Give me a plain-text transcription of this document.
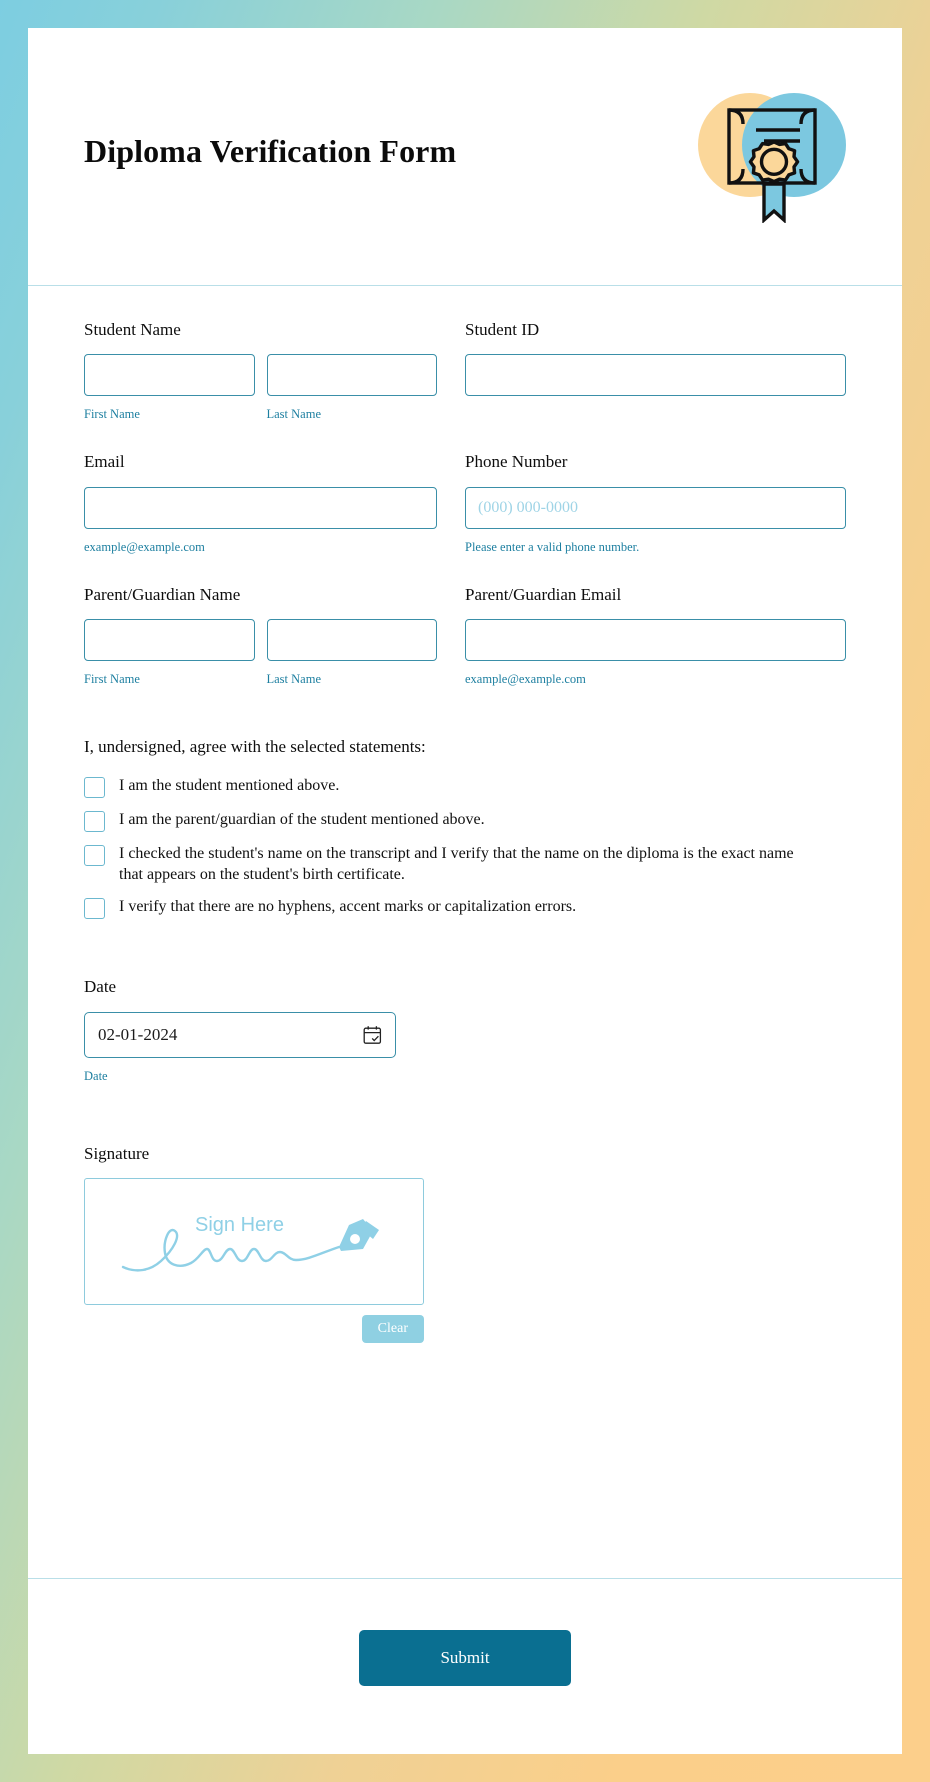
Diploma Verification Form
Student Name
First Name	Last Name
Student ID
Email
example@example.com
Phone Number
(000) 000-0000
Please enter a valid phone number.
Parent/Guardian Name
First Name	Last Name
Parent/Guardian Email
example@example.com
I, undersigned, agree with the selected statements:
I am the student mentioned above.
I am the parent/guardian of the student mentioned above.
I checked the student's name on the transcript and I verify that the name on the diploma is the exact name that appears on the student's birth certificate.
I verify that there are no hyphens, accent marks or capitalization errors.
Date
02-01-2024
Date
Signature
Sign Here
Clear
Submit
